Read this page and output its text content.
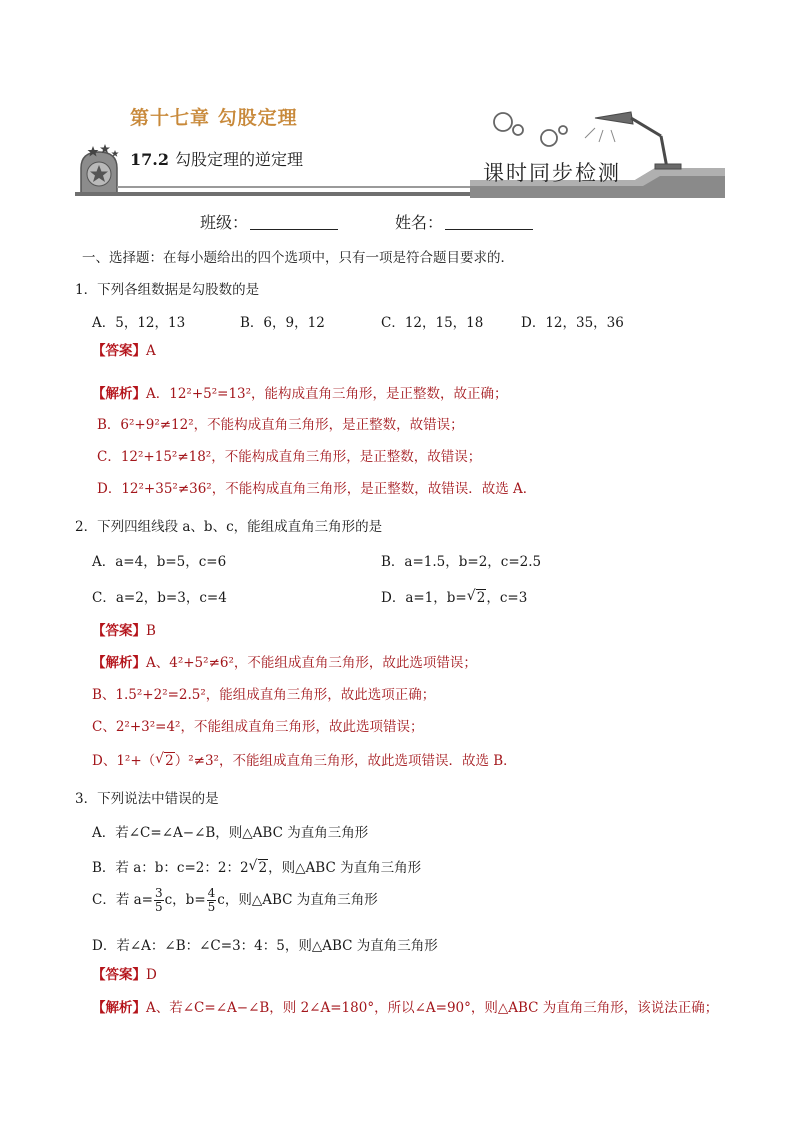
第十七章 勾股定理
17.2 勾股定理的逆定理
课时同步检测
班级：	姓名：
一、选择题：在每小题给出的四个选项中，只有一项是符合题目要求的．
1．下列各组数据是勾股数的是
A．5，12，13	B．6，9，12	C．12，15，18	D．12，35，36
【答案】A
【解析】A．12²+5²=13²，能构成直角三角形，是正整数，故正确；
B．6²+9²≠12²，不能构成直角三角形，是正整数，故错误；
C．12²+15²≠18²，不能构成直角三角形，是正整数，故错误；
D．12²+35²≠36²，不能构成直角三角形，是正整数，故错误．故选 A．
2．下列四组线段 a、b、c，能组成直角三角形的是
A．a=4，b=5，c=6	B．a=1.5，b=2，c=2.5
C．a=2，b=3，c=4	D．a=1，b= √ 2，c=3
【答案】B
【解析】A、4²+5²≠6²，不能组成直角三角形，故此选项错误；
B、1.5²+2²=2.5²，能组成直角三角形，故此选项正确；
C、2²+3²=4²，不能组成直角三角形，故此选项错误；
D、1²+（ √ 2）²≠3²，不能组成直角三角形，故此选项错误．故选 B．
3．下列说法中错误的是
A．若∠C=∠A−∠B，则△ABC 为直角三角形
B．若 a：b：c=2：2：2 √ 2，则△ABC 为直角三角形
C．若 $a= \frac{3}{5}$ c，$b= \frac{4}{5}$ c，则△ABC 为直角三角形
D．若∠A：∠B：∠C=3：4：5，则△ABC 为直角三角形
【答案】D
【解析】A、若∠C=∠A−∠B，则 2∠A=180°，所以∠A=90°，则△ABC 为直角三角形，该说法正确；
